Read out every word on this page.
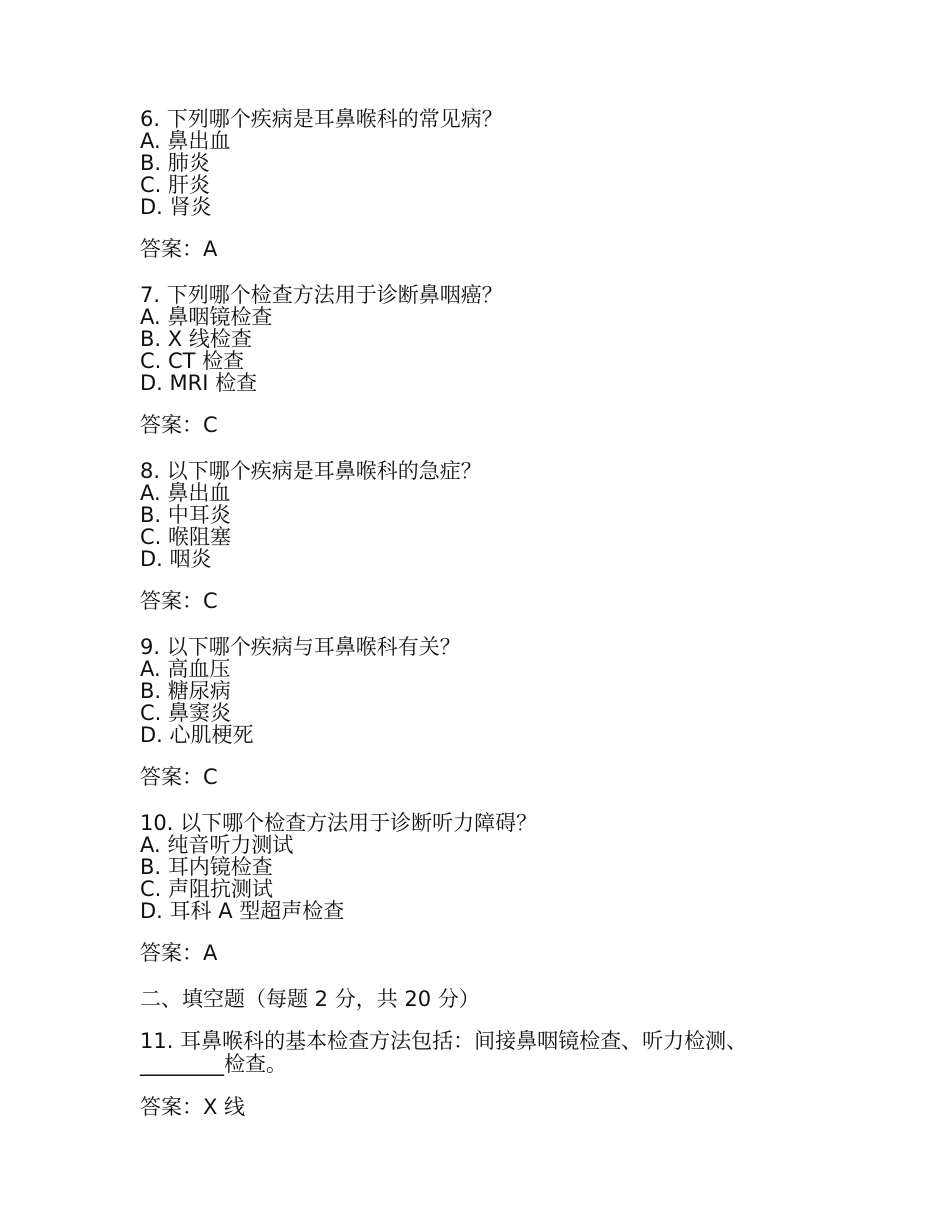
6. 下列哪个疾病是耳鼻喉科的常见病？
A. 鼻出血
B. 肺炎
C. 肝炎
D. 肾炎
答案：A
7. 下列哪个检查方法用于诊断鼻咽癌？
A. 鼻咽镜检查
B. X 线检查
C. CT 检查
D. MRI 检查
答案：C
8. 以下哪个疾病是耳鼻喉科的急症？
A. 鼻出血
B. 中耳炎
C. 喉阻塞
D. 咽炎
答案：C
9. 以下哪个疾病与耳鼻喉科有关？
A. 高血压
B. 糖尿病
C. 鼻窦炎
D. 心肌梗死
答案：C
10. 以下哪个检查方法用于诊断听力障碍？
A. 纯音听力测试
B. 耳内镜检查
C. 声阻抗测试
D. 耳科 A 型超声检查
答案：A
二、填空题（每题 2 分，共 20 分）
11. 耳鼻喉科的基本检查方法包括：间接鼻咽镜检查、听力检测、________检查。
答案：X 线
